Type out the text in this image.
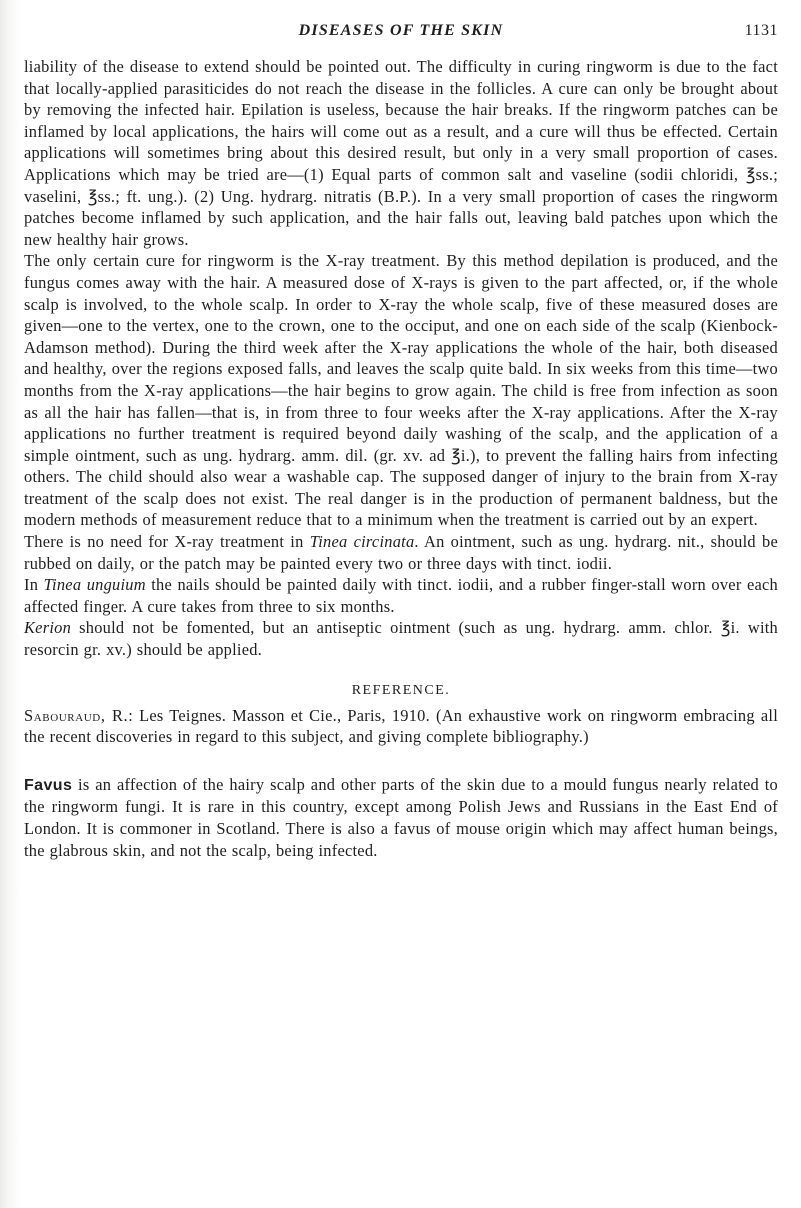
DISEASES OF THE SKIN	1131

liability of the disease to extend should be pointed out. The difficulty in curing ringworm is due to the fact that locally-applied parasiticides do not reach the disease in the follicles. A cure can only be brought about by removing the infected hair. Epilation is useless, because the hair breaks. If the ringworm patches can be inflamed by local applications, the hairs will come out as a result, and a cure will thus be effected. Certain applications will sometimes bring about this desired result, but only in a very small proportion of cases. Applications which may be tried are—(1) Equal parts of common salt and vaseline (sodii chloridi, ℥ss.; vaselini, ℥ss.; ft. ung.). (2) Ung. hydrarg. nitratis (B.P.). In a very small proportion of cases the ringworm patches become inflamed by such application, and the hair falls out, leaving bald patches upon which the new healthy hair grows.

The only certain cure for ringworm is the X-ray treatment. By this method depilation is produced, and the fungus comes away with the hair. A measured dose of X-rays is given to the part affected, or, if the whole scalp is involved, to the whole scalp. In order to X-ray the whole scalp, five of these measured doses are given—one to the vertex, one to the crown, one to the occiput, and one on each side of the scalp (Kienbock-Adamson method). During the third week after the X-ray applications the whole of the hair, both diseased and healthy, over the regions exposed falls, and leaves the scalp quite bald. In six weeks from this time—two months from the X-ray applications—the hair begins to grow again. The child is free from infection as soon as all the hair has fallen—that is, in from three to four weeks after the X-ray applications. After the X-ray applications no further treatment is required beyond daily washing of the scalp, and the application of a simple ointment, such as ung. hydrarg. amm. dil. (gr. xv. ad ℥i.), to prevent the falling hairs from infecting others. The child should also wear a washable cap. The supposed danger of injury to the brain from X-ray treatment of the scalp does not exist. The real danger is in the production of permanent baldness, but the modern methods of measurement reduce that to a minimum when the treatment is carried out by an expert.

There is no need for X-ray treatment in Tinea circinata. An ointment, such as ung. hydrarg. nit., should be rubbed on daily, or the patch may be painted every two or three days with tinct. iodii.

In Tinea unguium the nails should be painted daily with tinct. iodii, and a rubber finger-stall worn over each affected finger. A cure takes from three to six months.

Kerion should not be fomented, but an antiseptic ointment (such as ung. hydrarg. amm. chlor. ℥i. with resorcin gr. xv.) should be applied.

REFERENCE.

Sabouraud, R.: Les Teignes. Masson et Cie., Paris, 1910. (An exhaustive work on ringworm embracing all the recent discoveries in regard to this subject, and giving complete bibliography.)

Favus is an affection of the hairy scalp and other parts of the skin due to a mould fungus nearly related to the ringworm fungi. It is rare in this country, except among Polish Jews and Russians in the East End of London. It is commoner in Scotland. There is also a favus of mouse origin which may affect human beings, the glabrous skin, and not the scalp, being infected.
